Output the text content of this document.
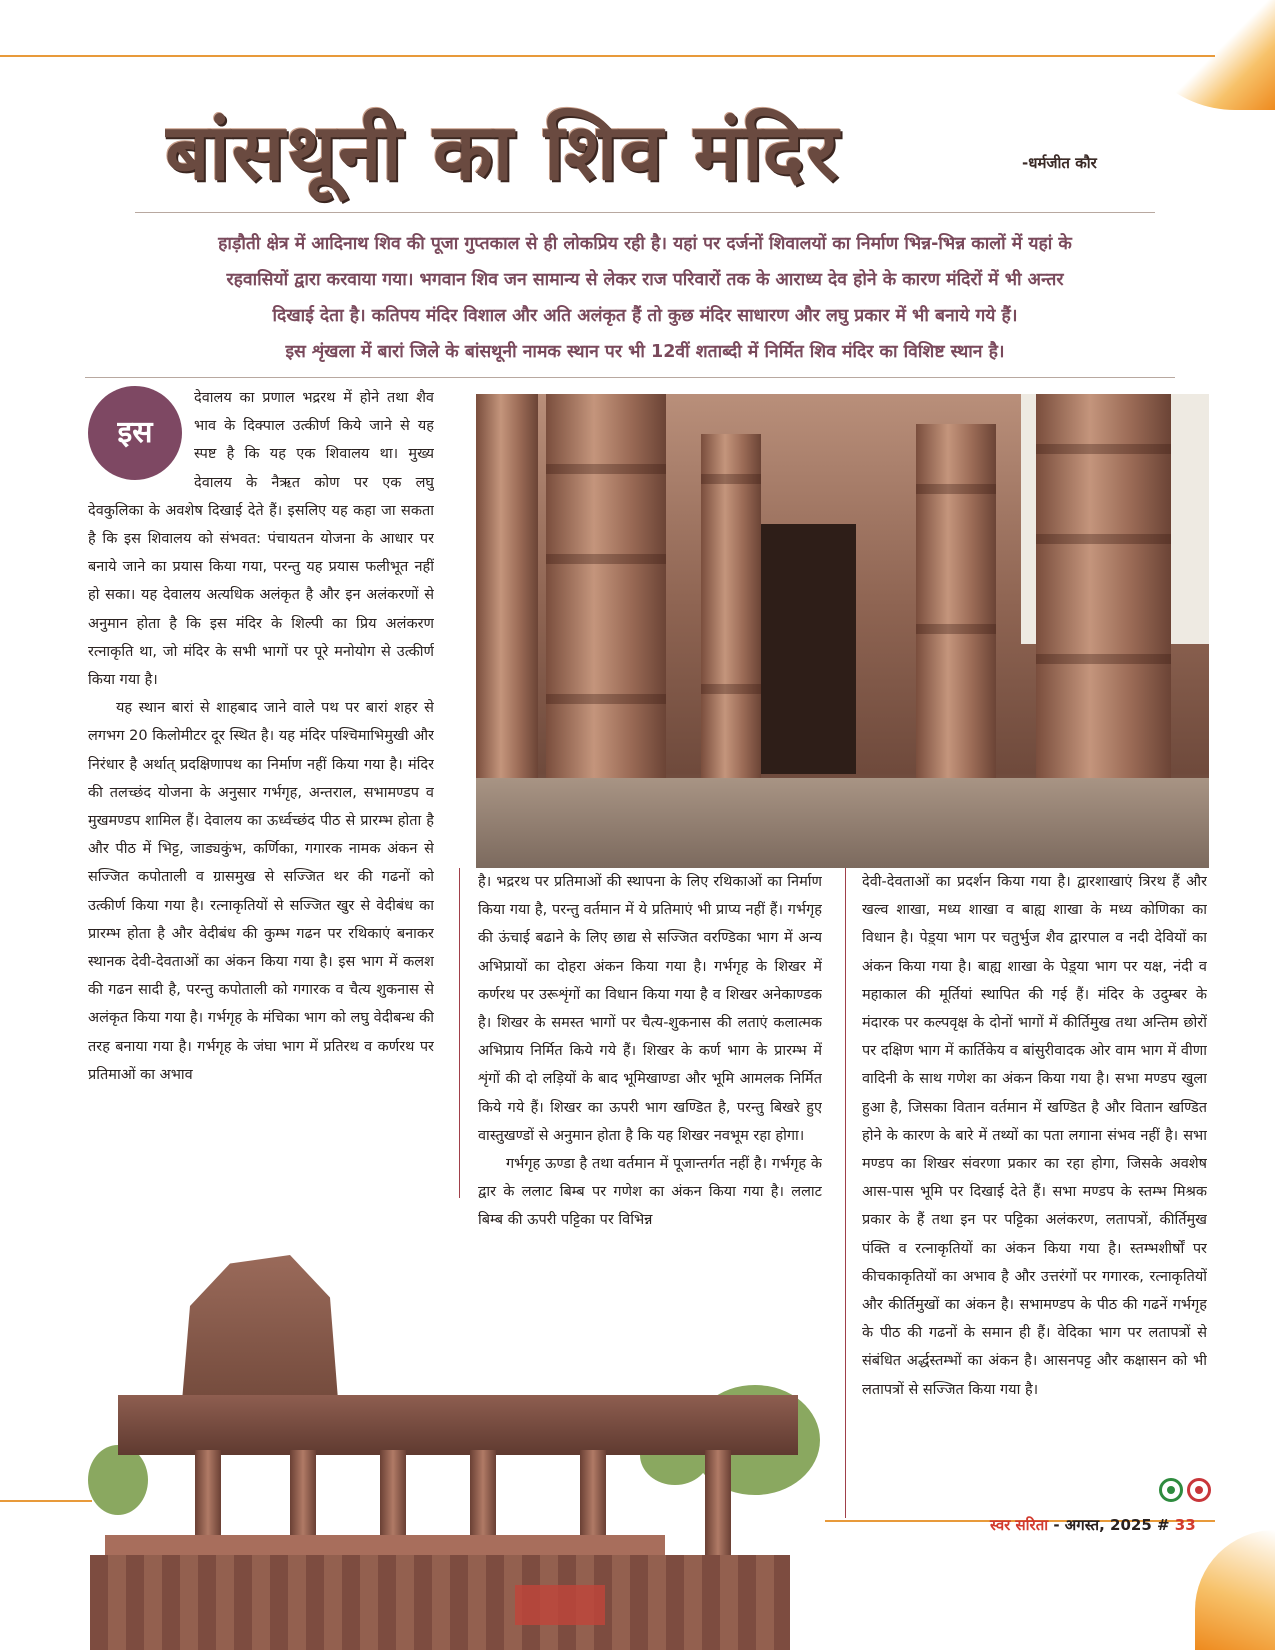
बांसथूनी का शिव मंदिर	-धर्मजीत कौर
हाड़ौती क्षेत्र में आदिनाथ शिव की पूजा गुप्तकाल से ही लोकप्रिय रही है। यहां पर दर्जनों शिवालयों का निर्माण भिन्न-भिन्न कालों में यहां के
रहवासियों द्वारा करवाया गया। भगवान शिव जन सामान्य से लेकर राज परिवारों तक के आराध्य देव होने के कारण मंदिरों में भी अन्तर
दिखाई देता है। कतिपय मंदिर विशाल और अति अलंकृत हैं तो कुछ मंदिर साधारण और लघु प्रकार में भी बनाये गये हैं।
इस शृंखला में बारां जिले के बांसथूनी नामक स्थान पर भी 12वीं शताब्दी में निर्मित शिव मंदिर का विशिष्ट स्थान है।
इस

देवालय का प्रणाल भद्ररथ में होने तथा शैव भाव के दिक्पाल उत्कीर्ण किये जाने से यह स्पष्ट है कि यह एक शिवालय था। मुख्य देवालय के नैऋत कोण पर एक लघु देवकुलिका के अवशेष दिखाई देते हैं। इसलिए यह कहा जा सकता है कि इस शिवालय को संभवत: पंचायतन योजना के आधार पर बनाये जाने का प्रयास किया गया, परन्तु यह प्रयास फलीभूत नहीं हो सका। यह देवालय अत्यधिक अलंकृत है और इन अलंकरणों से अनुमान होता है कि इस मंदिर के शिल्पी का प्रिय अलंकरण रत्नाकृति था, जो मंदिर के सभी भागों पर पूरे मनोयोग से उत्कीर्ण किया गया है।

यह स्थान बारां से शाहबाद जाने वाले पथ पर बारां शहर से लगभग 20 किलोमीटर दूर स्थित है। यह मंदिर पश्चिमाभिमुखी और निरंधार है अर्थात् प्रदक्षिणापथ का निर्माण नहीं किया गया है। मंदिर की तलच्छंद योजना के अनुसार गर्भगृह, अन्तराल, सभामण्डप व मुखमण्डप शामिल हैं। देवालय का ऊर्ध्वच्छंद पीठ से प्रारम्भ होता है और पीठ में भिट्ट, जाड्यकुंभ, कर्णिका, गगारक नामक अंकन से सज्जित कपोताली व ग्रासमुख से सज्जित थर की गढनों को उत्कीर्ण किया गया है। रत्नाकृतियों से सज्जित खुर से वेदीबंध का प्रारम्भ होता है और वेदीबंध की कुम्भ गढन पर रथिकाएं बनाकर स्थानक देवी-देवताओं का अंकन किया गया है। इस भाग में कलश की गढन सादी है, परन्तु कपोताली को गगारक व चैत्य शुकनास से अलंकृत किया गया है। गर्भगृह के मंचिका भाग को लघु वेदीबन्ध की तरह बनाया गया है। गर्भगृह के जंघा भाग में प्रतिरथ व कर्णरथ पर प्रतिमाओं का अभाव

है। भद्ररथ पर प्रतिमाओं की स्थापना के लिए रथिकाओं का निर्माण किया गया है, परन्तु वर्तमान में ये प्रतिमाएं भी प्राप्य नहीं हैं। गर्भगृह की ऊंचाई बढाने के लिए छाद्य से सज्जित वरण्डिका भाग में अन्य अभिप्रायों का दोहरा अंकन किया गया है। गर्भगृह के शिखर में कर्णरथ पर उरूशृंगों का विधान किया गया है व शिखर अनेकाण्डक है। शिखर के समस्त भागों पर चैत्य-शुकनास की लताएं कलात्मक अभिप्राय निर्मित किये गये हैं। शिखर के कर्ण भाग के प्रारम्भ में शृंगों की दो लड़ियों के बाद भूमिखाण्डा और भूमि आमलक निर्मित किये गये हैं। शिखर का ऊपरी भाग खण्डित है, परन्तु बिखरे हुए वास्तुखण्डों से अनुमान होता है कि यह शिखर नवभूम रहा होगा।

गर्भगृह ऊण्डा है तथा वर्तमान में पूजान्तर्गत नहीं है। गर्भगृह के द्वार के ललाट बिम्ब पर गणेश का अंकन किया गया है। ललाट बिम्ब की ऊपरी पट्टिका पर विभिन्न

देवी-देवताओं का प्रदर्शन किया गया है। द्वारशाखाएं त्रिरथ हैं और खल्व शाखा, मध्य शाखा व बाह्य शाखा के मध्य कोणिका का विधान है। पेड़्या भाग पर चतुर्भुज शैव द्वारपाल व नदी देवियों का अंकन किया गया है। बाह्य शाखा के पेड़्या भाग पर यक्ष, नंदी व महाकाल की मूर्तियां स्थापित की गई हैं। मंदिर के उदुम्बर के मंदारक पर कल्पवृक्ष के दोनों भागों में कीर्तिमुख तथा अन्तिम छोरों पर दक्षिण भाग में कार्तिकेय व बांसुरीवादक ओर वाम भाग में वीणा वादिनी के साथ गणेश का अंकन किया गया है। सभा मण्डप खुला हुआ है, जिसका वितान वर्तमान में खण्डित है और वितान खण्डित होने के कारण के बारे में तथ्यों का पता लगाना संभव नहीं है। सभा मण्डप का शिखर संवरणा प्रकार का रहा होगा, जिसके अवशेष आस-पास भूमि पर दिखाई देते हैं। सभा मण्डप के स्तम्भ मिश्रक प्रकार के हैं तथा इन पर पट्टिका अलंकरण, लतापत्रों, कीर्तिमुख पंक्ति व रत्नाकृतियों का अंकन किया गया है। स्तम्भशीर्षों पर कीचकाकृतियों का अभाव है और उत्तरंगों पर गगारक, रत्नाकृतियों और कीर्तिमुखों का अंकन है। सभामण्डप के पीठ की गढनें गर्भगृह के पीठ की गढनों के समान ही हैं। वेदिका भाग पर लतापत्रों से संबंधित अर्द्धस्तम्भों का अंकन है। आसनपट्ट और कक्षासन को भी लतापत्रों से सज्जित किया गया है।

स्वर सरिता - अगस्त, 2025 # 33
